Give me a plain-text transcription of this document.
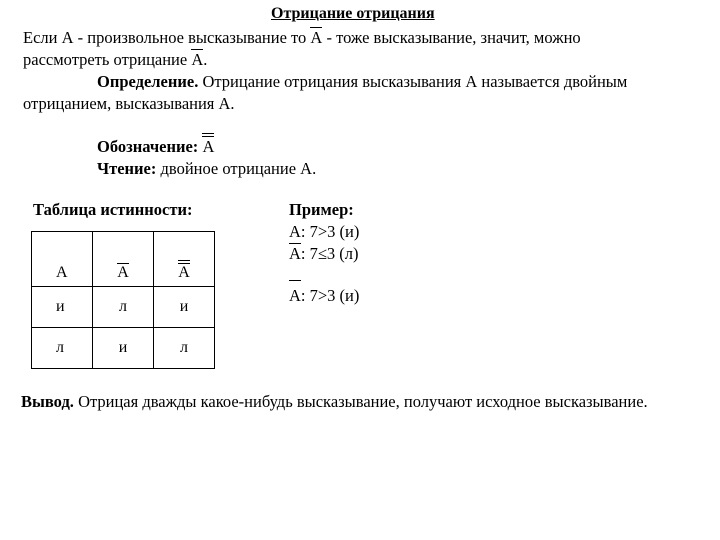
Отрицание отрицания
Если А - произвольное высказывание то А - тоже высказывание, значит, можно
рассмотреть отрицание А.
Определение. Отрицание отрицания высказывания А называется двойным
отрицанием, высказывания А.
Обозначение: А
Чтение: двойное отрицание А.
Таблица истинности:
А	А	А
и	л	и
л	и	л
Пример:
А: 7>3 (и)
А: 7≤3 (л)
А: 7>3 (и)
Вывод. Отрицая дважды какое-нибудь высказывание, получают исходное высказывание.
